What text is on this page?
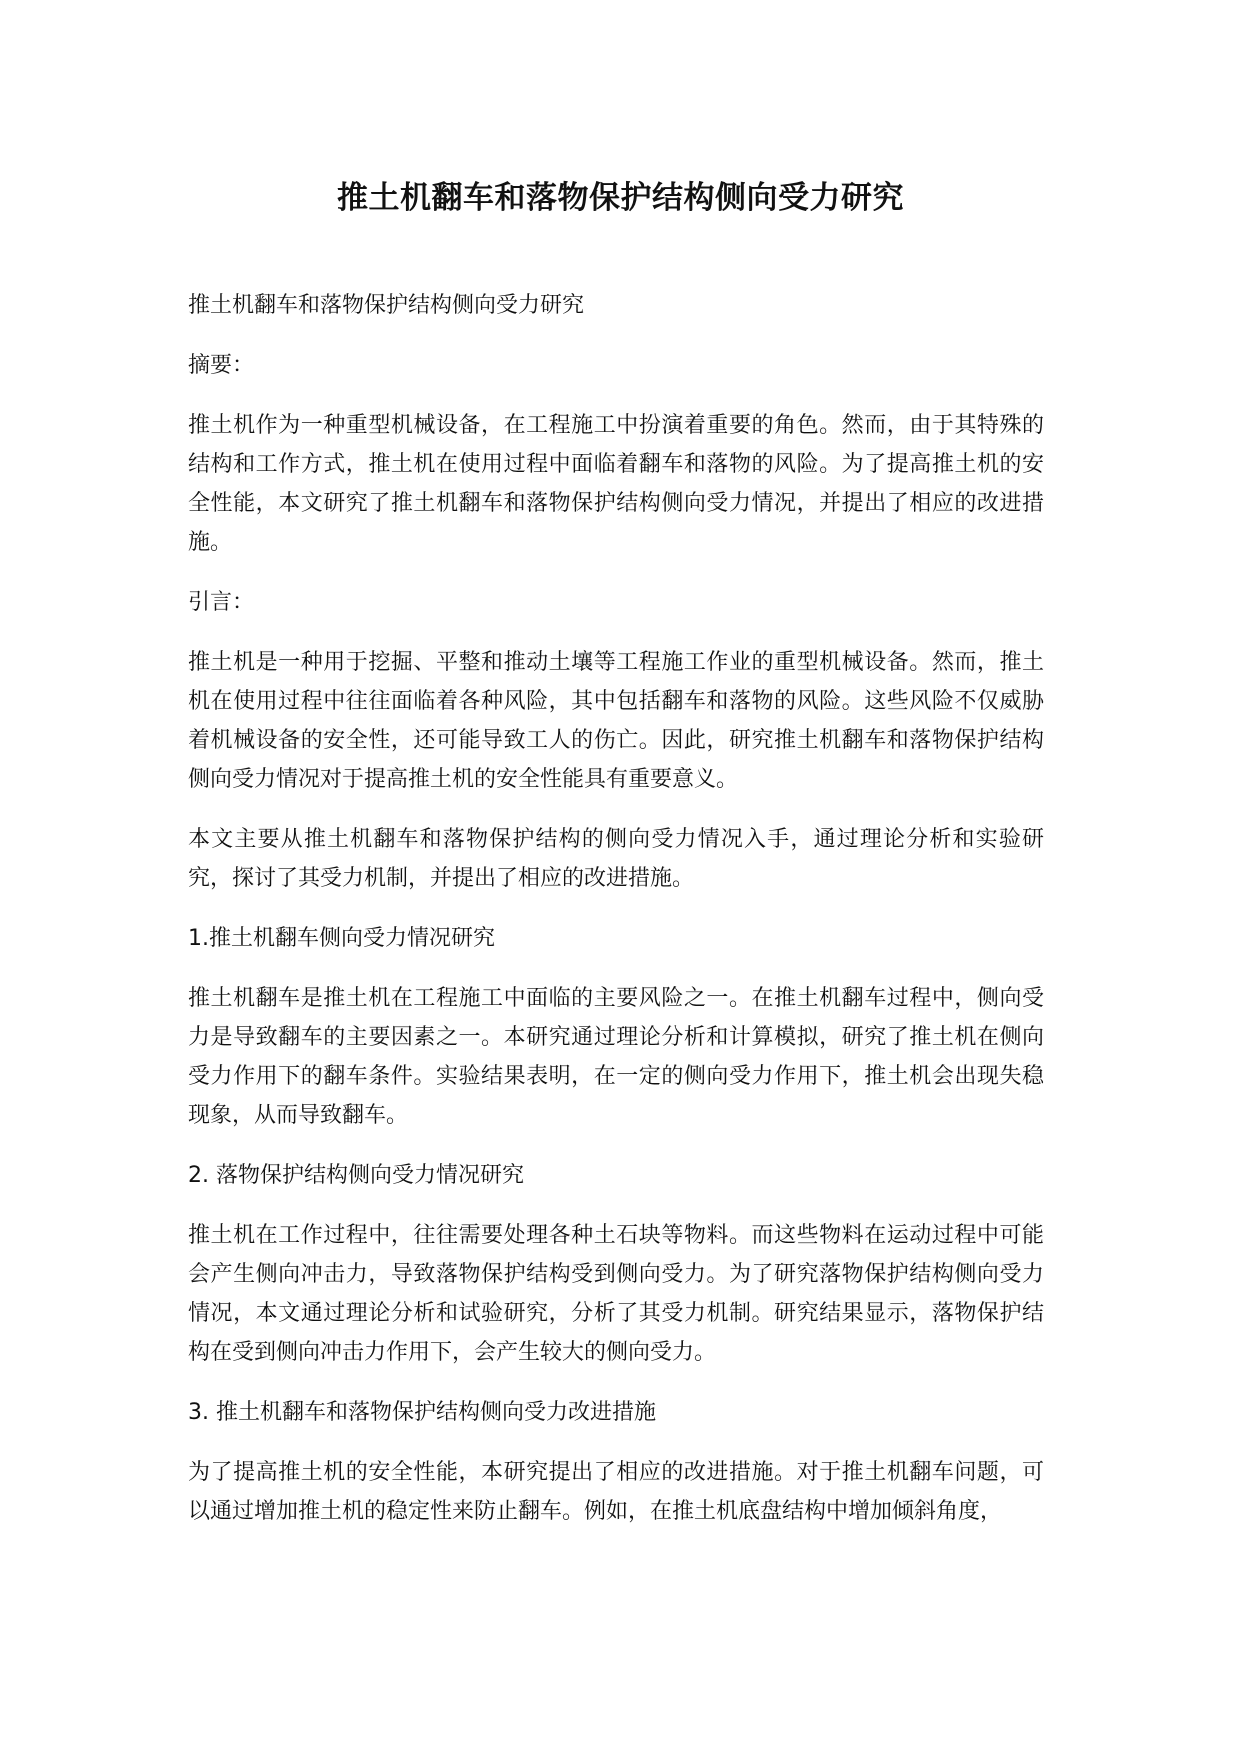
推土机翻车和落物保护结构侧向受力研究

推土机翻车和落物保护结构侧向受力研究

摘要：

推土机作为一种重型机械设备，在工程施工中扮演着重要的角色。然而，由于其特殊的结构和工作方式，推土机在使用过程中面临着翻车和落物的风险。为了提高推土机的安全性能，本文研究了推土机翻车和落物保护结构侧向受力情况，并提出了相应的改进措施。

引言：

推土机是一种用于挖掘、平整和推动土壤等工程施工作业的重型机械设备。然而，推土机在使用过程中往往面临着各种风险，其中包括翻车和落物的风险。这些风险不仅威胁着机械设备的安全性，还可能导致工人的伤亡。因此，研究推土机翻车和落物保护结构侧向受力情况对于提高推土机的安全性能具有重要意义。

本文主要从推土机翻车和落物保护结构的侧向受力情况入手，通过理论分析和实验研究，探讨了其受力机制，并提出了相应的改进措施。

1.推土机翻车侧向受力情况研究

推土机翻车是推土机在工程施工中面临的主要风险之一。在推土机翻车过程中，侧向受力是导致翻车的主要因素之一。本研究通过理论分析和计算模拟，研究了推土机在侧向受力作用下的翻车条件。实验结果表明，在一定的侧向受力作用下，推土机会出现失稳现象，从而导致翻车。

2. 落物保护结构侧向受力情况研究

推土机在工作过程中，往往需要处理各种土石块等物料。而这些物料在运动过程中可能会产生侧向冲击力，导致落物保护结构受到侧向受力。为了研究落物保护结构侧向受力情况，本文通过理论分析和试验研究，分析了其受力机制。研究结果显示，落物保护结构在受到侧向冲击力作用下，会产生较大的侧向受力。

3. 推土机翻车和落物保护结构侧向受力改进措施

为了提高推土机的安全性能，本研究提出了相应的改进措施。对于推土机翻车问题，可以通过增加推土机的稳定性来防止翻车。例如，在推土机底盘结构中增加倾斜角度，
